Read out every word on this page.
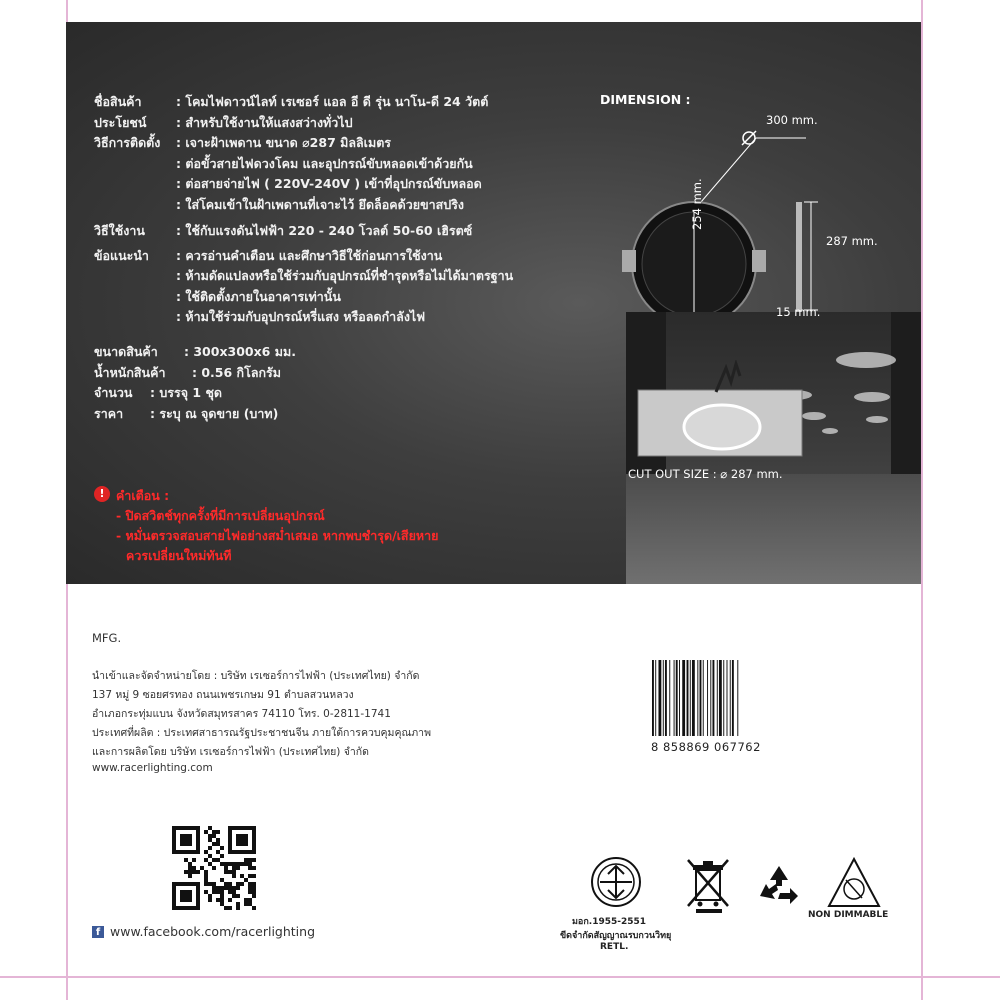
ชื่อสินค้า	: โคมไฟดาวน์ไลท์ เรเซอร์ แอล อี ดี รุ่น นาโน-ดี 24 วัตต์
ประโยชน์ : สำหรับใช้งานให้แสงสว่างทั่วไป
วิธีการติดตั้ง : เจาะฝ้าเพดาน ขนาด ⌀287 มิลลิเมตร
: ต่อขั้วสายไฟดวงโคม และอุปกรณ์ขับหลอดเข้าด้วยกัน
: ต่อสายจ่ายไฟ ( 220V-240V ) เข้าที่อุปกรณ์ขับหลอด
: ใส่โคมเข้าในฝ้าเพดานที่เจาะไว้ ยึดล็อคด้วยขาสปริง
วิธีใช้งาน : ใช้กับแรงดันไฟฟ้า 220 - 240 โวลต์ 50-60 เฮิรตซ์
ข้อแนะนำ : ควรอ่านคำเตือน และศึกษาวิธีใช้ก่อนการใช้งาน
: ห้ามดัดแปลงหรือใช้ร่วมกับอุปกรณ์ที่ชำรุดหรือไม่ได้มาตรฐาน
: ใช้ติดตั้งภายในอาคารเท่านั้น
: ห้ามใช้ร่วมกับอุปกรณ์หรี่แสง หรือลดกำลังไฟ
ขนาดสินค้า : 300x300x6 มม.
น้ำหนักสินค้า : 0.56 กิโลกรัม
จำนวน : บรรจุ 1 ชุด
ราคา : ระบุ ณ จุดขาย (บาท)
DIMENSION :
300 mm.
254 mm.
287 mm.
15 mm.
CUT OUT SIZE : ⌀ 287 mm.
! คำเตือน :
- ปิดสวิตช์ทุกครั้งที่มีการเปลี่ยนอุปกรณ์
- หมั่นตรวจสอบสายไฟอย่างสม่ำเสมอ หากพบชำรุด/เสียหาย
ควรเปลี่ยนใหม่ทันที
MFG.
นำเข้าและจัดจำหน่ายโดย : บริษัท เรเซอร์การไฟฟ้า (ประเทศไทย) จำกัด
137 หมู่ 9 ซอยศรทอง ถนนเพชรเกษม 91 ตำบลสวนหลวง
อำเภอกระทุ่มแบน จังหวัดสมุทรสาคร 74110 โทร. 0-2811-1741
ประเทศที่ผลิต : ประเทศสาธารณรัฐประชาชนจีน ภายใต้การควบคุมคุณภาพ
และการผลิตโดย บริษัท เรเซอร์การไฟฟ้า (ประเทศไทย) จำกัด
www.racerlighting.com
8 858869 067762
f www.facebook.com/racerlighting
มอก.1955-2551
ขีดจำกัดสัญญาณรบกวนวิทยุ
RETL.
NON DIMMABLE
